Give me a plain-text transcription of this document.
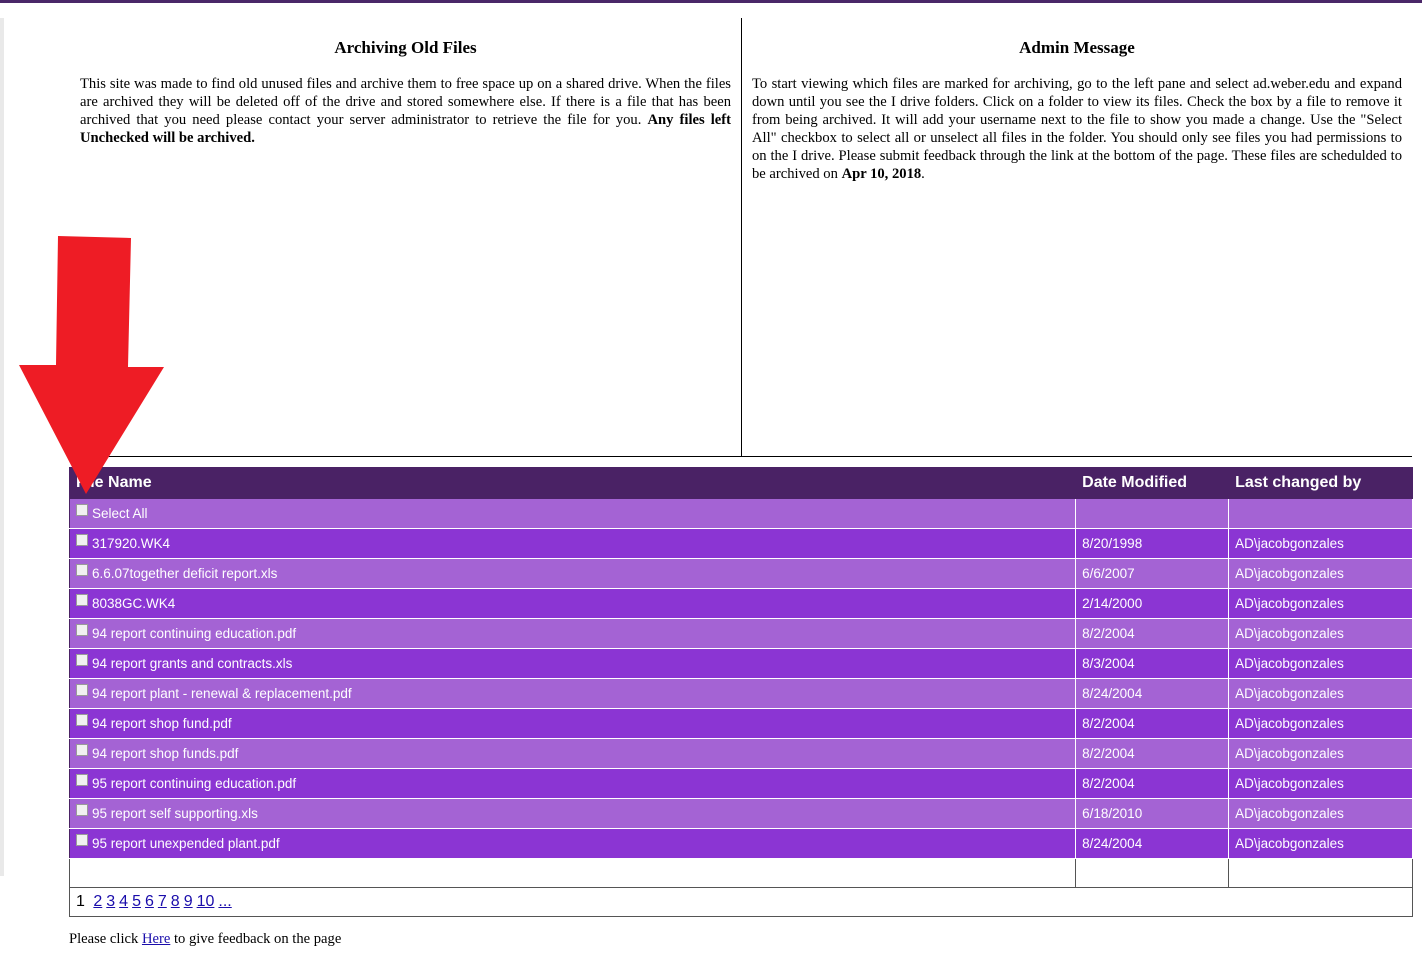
Archiving Old Files

This site was made to find old unused files and archive them to free space up on a shared drive. When the files are archived they will be deleted off of the drive and stored somewhere else. If there is a file that has been archived that you need please contact your server administrator to retrieve the file for you. Any files left Unchecked will be archived.

Admin Message

To start viewing which files are marked for archiving, go to the left pane and select ad.weber.edu and expand down until you see the I drive folders. Click on a folder to view its files. Check the box by a file to remove it from being archived. It will add your username next to the file to show you made a change. Use the "Select All" checkbox to select all or unselect all files in the folder. You should only see files you had permissions to on the I drive. Please submit feedback through the link at the bottom of the page. These files are schedulded to be archived on Apr 10, 2018.

File Name	Date Modified	Last changed by
Select All		
317920.WK4	8/20/1998	AD\jacobgonzales
6.6.07together deficit report.xls	6/6/2007	AD\jacobgonzales
8038GC.WK4	2/14/2000	AD\jacobgonzales
94 report continuing education.pdf	8/2/2004	AD\jacobgonzales
94 report grants and contracts.xls	8/3/2004	AD\jacobgonzales
94 report plant - renewal & replacement.pdf	8/24/2004	AD\jacobgonzales
94 report shop fund.pdf	8/2/2004	AD\jacobgonzales
94 report shop funds.pdf	8/2/2004	AD\jacobgonzales
95 report continuing education.pdf	8/2/2004	AD\jacobgonzales
95 report self supporting.xls	6/18/2010	AD\jacobgonzales
95 report unexpended plant.pdf	8/24/2004	AD\jacobgonzales

1 2 3 4 5 6 7 8 9 10 ...		
Please click Here to give feedback on the page
